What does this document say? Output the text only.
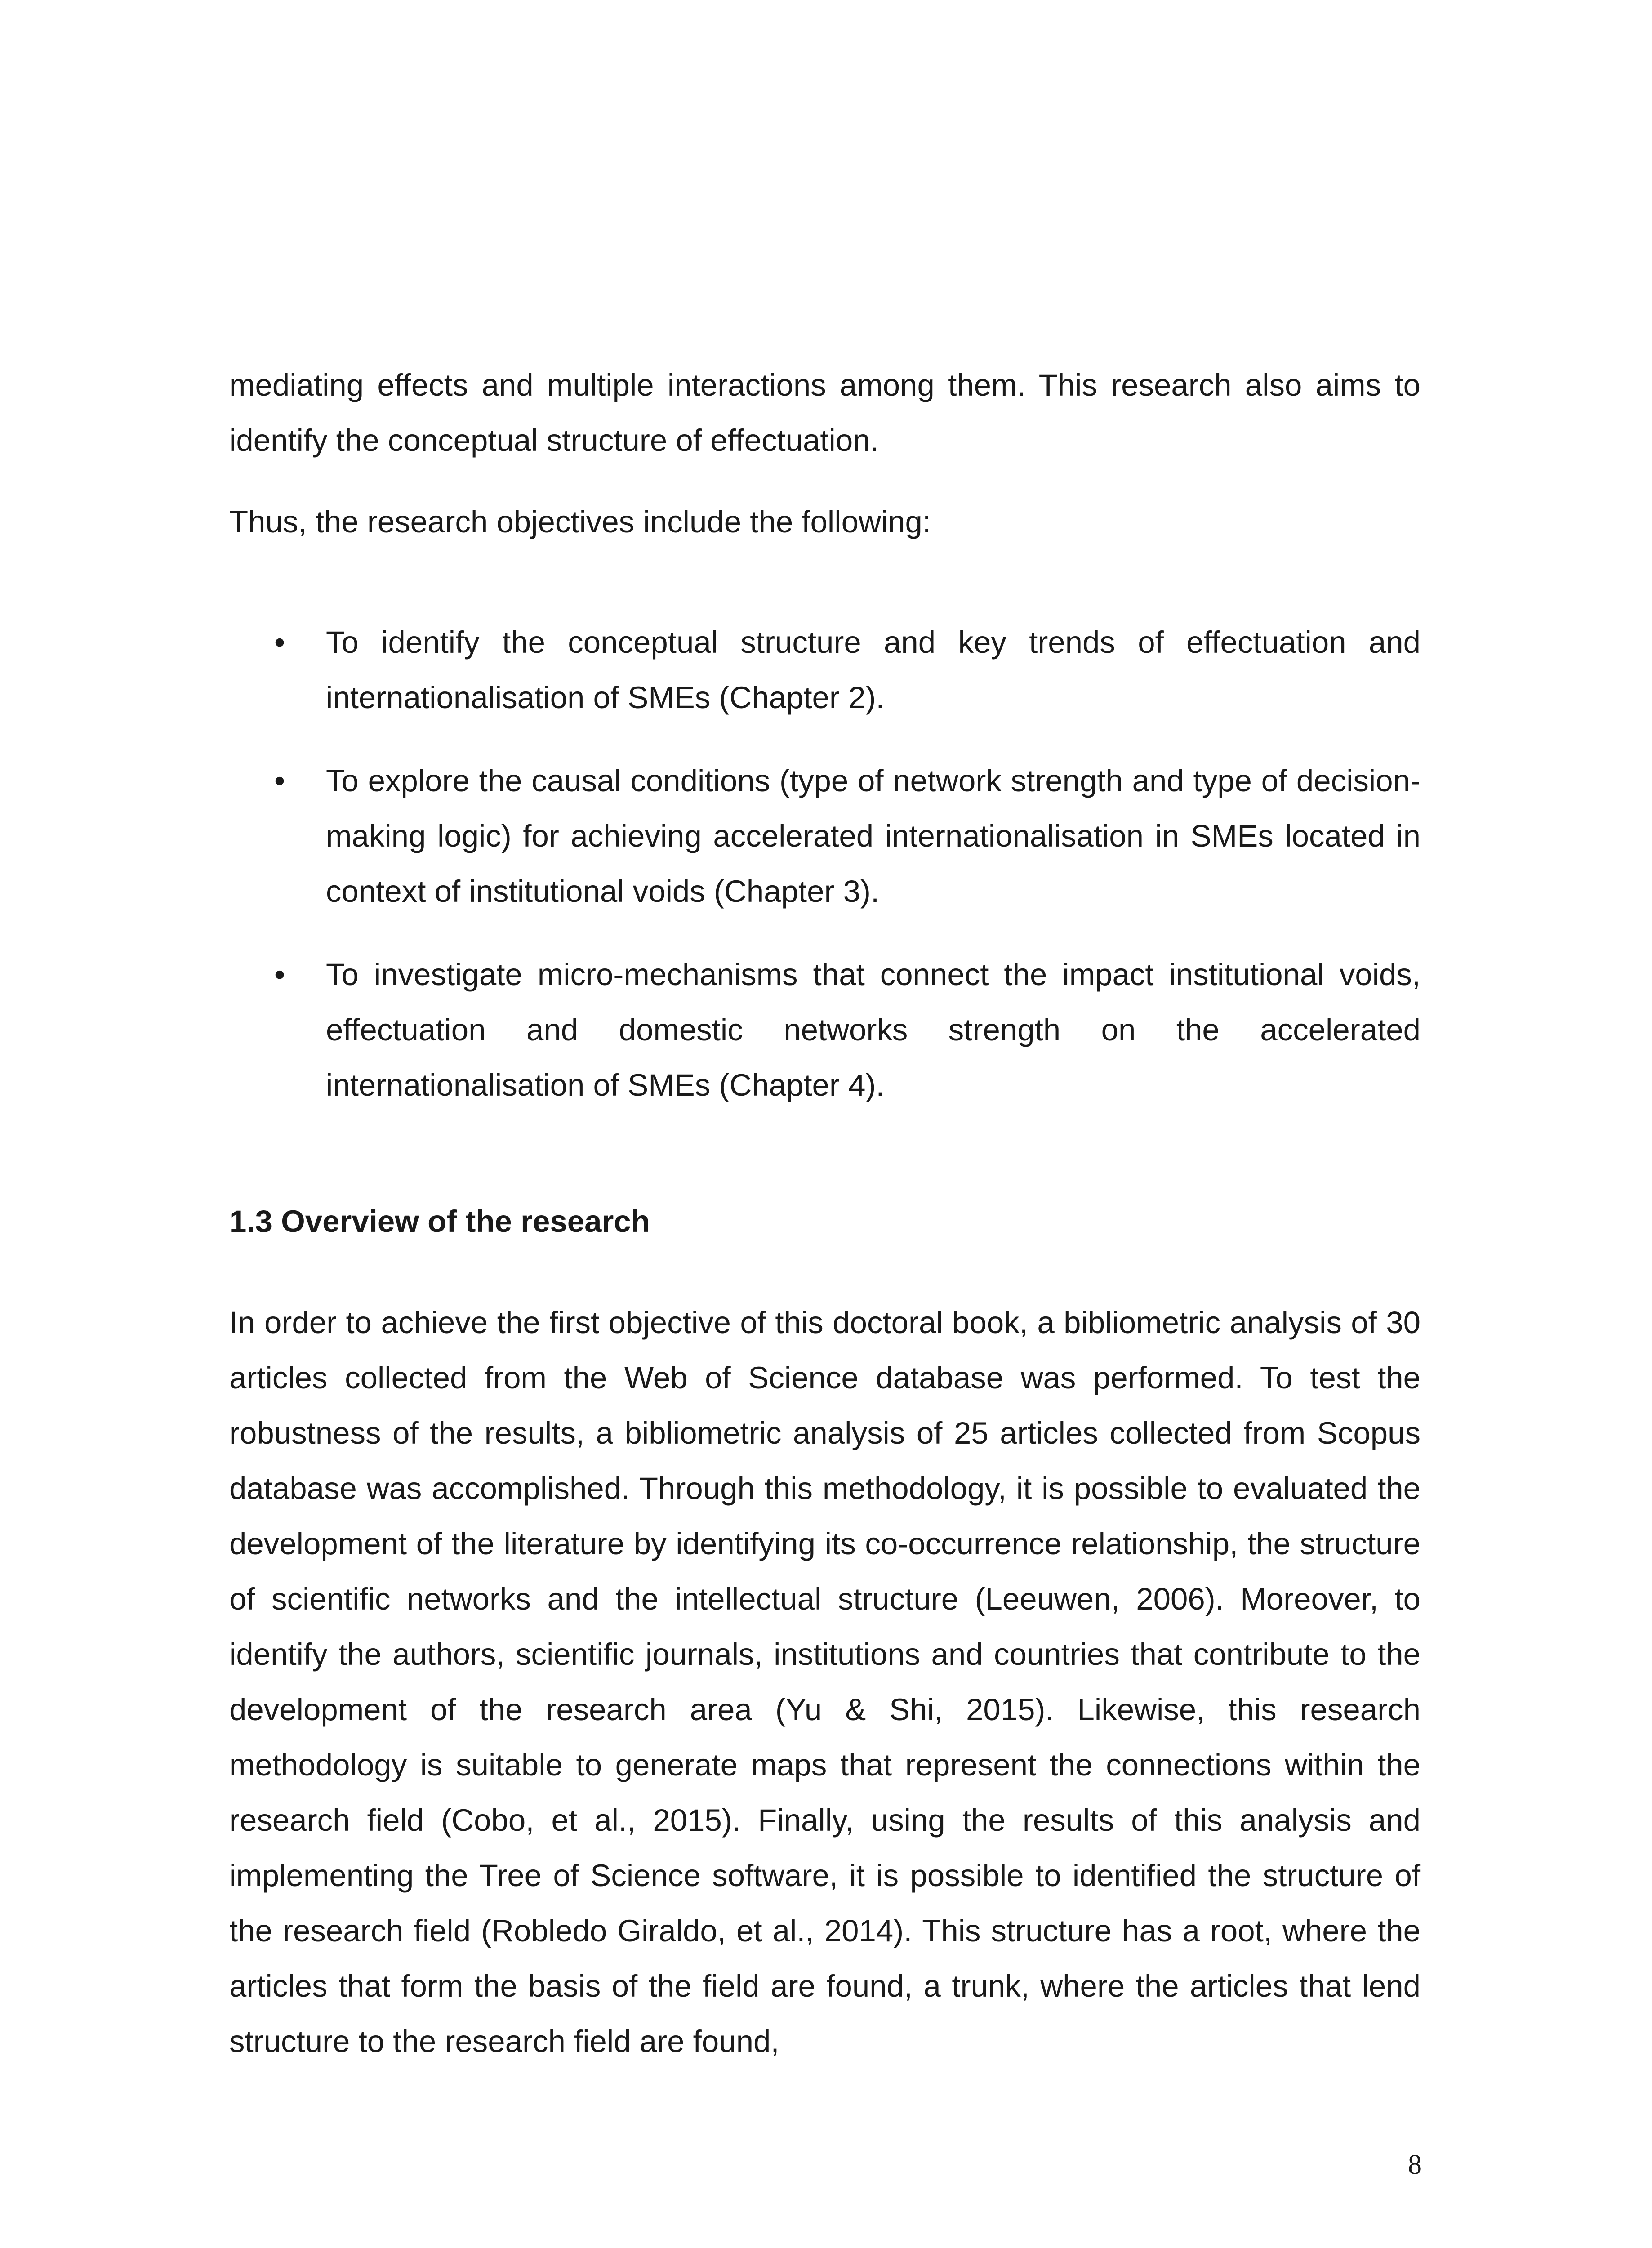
mediating effects and multiple interactions among them. This research also aims to identify the conceptual structure of effectuation.

Thus, the research objectives include the following:

• To identify the conceptual structure and key trends of effectuation and internationalisation of SMEs (Chapter 2).
• To explore the causal conditions (type of network strength and type of decision-making logic) for achieving accelerated internationalisation in SMEs located in context of institutional voids (Chapter 3).
• To investigate micro-mechanisms that connect the impact institutional voids, effectuation and domestic networks strength on the accelerated internationalisation of SMEs (Chapter 4).
1.3 Overview of the research

In order to achieve the first objective of this doctoral book, a bibliometric analysis of 30 articles collected from the Web of Science database was performed. To test the robustness of the results, a bibliometric analysis of 25 articles collected from Scopus database was accomplished. Through this methodology, it is possible to evaluated the development of the literature by identifying its co-occurrence relationship, the structure of scientific networks and the intellectual structure (Leeuwen, 2006). Moreover, to identify the authors, scientific journals, institutions and countries that contribute to the development of the research area (Yu & Shi, 2015). Likewise, this research methodology is suitable to generate maps that represent the connections within the research field (Cobo, et al., 2015). Finally, using the results of this analysis and implementing the Tree of Science software, it is possible to identified the structure of the research field (Robledo Giraldo, et al., 2014). This structure has a root, where the articles that form the basis of the field are found, a trunk, where the articles that lend structure to the research field are found,

8
